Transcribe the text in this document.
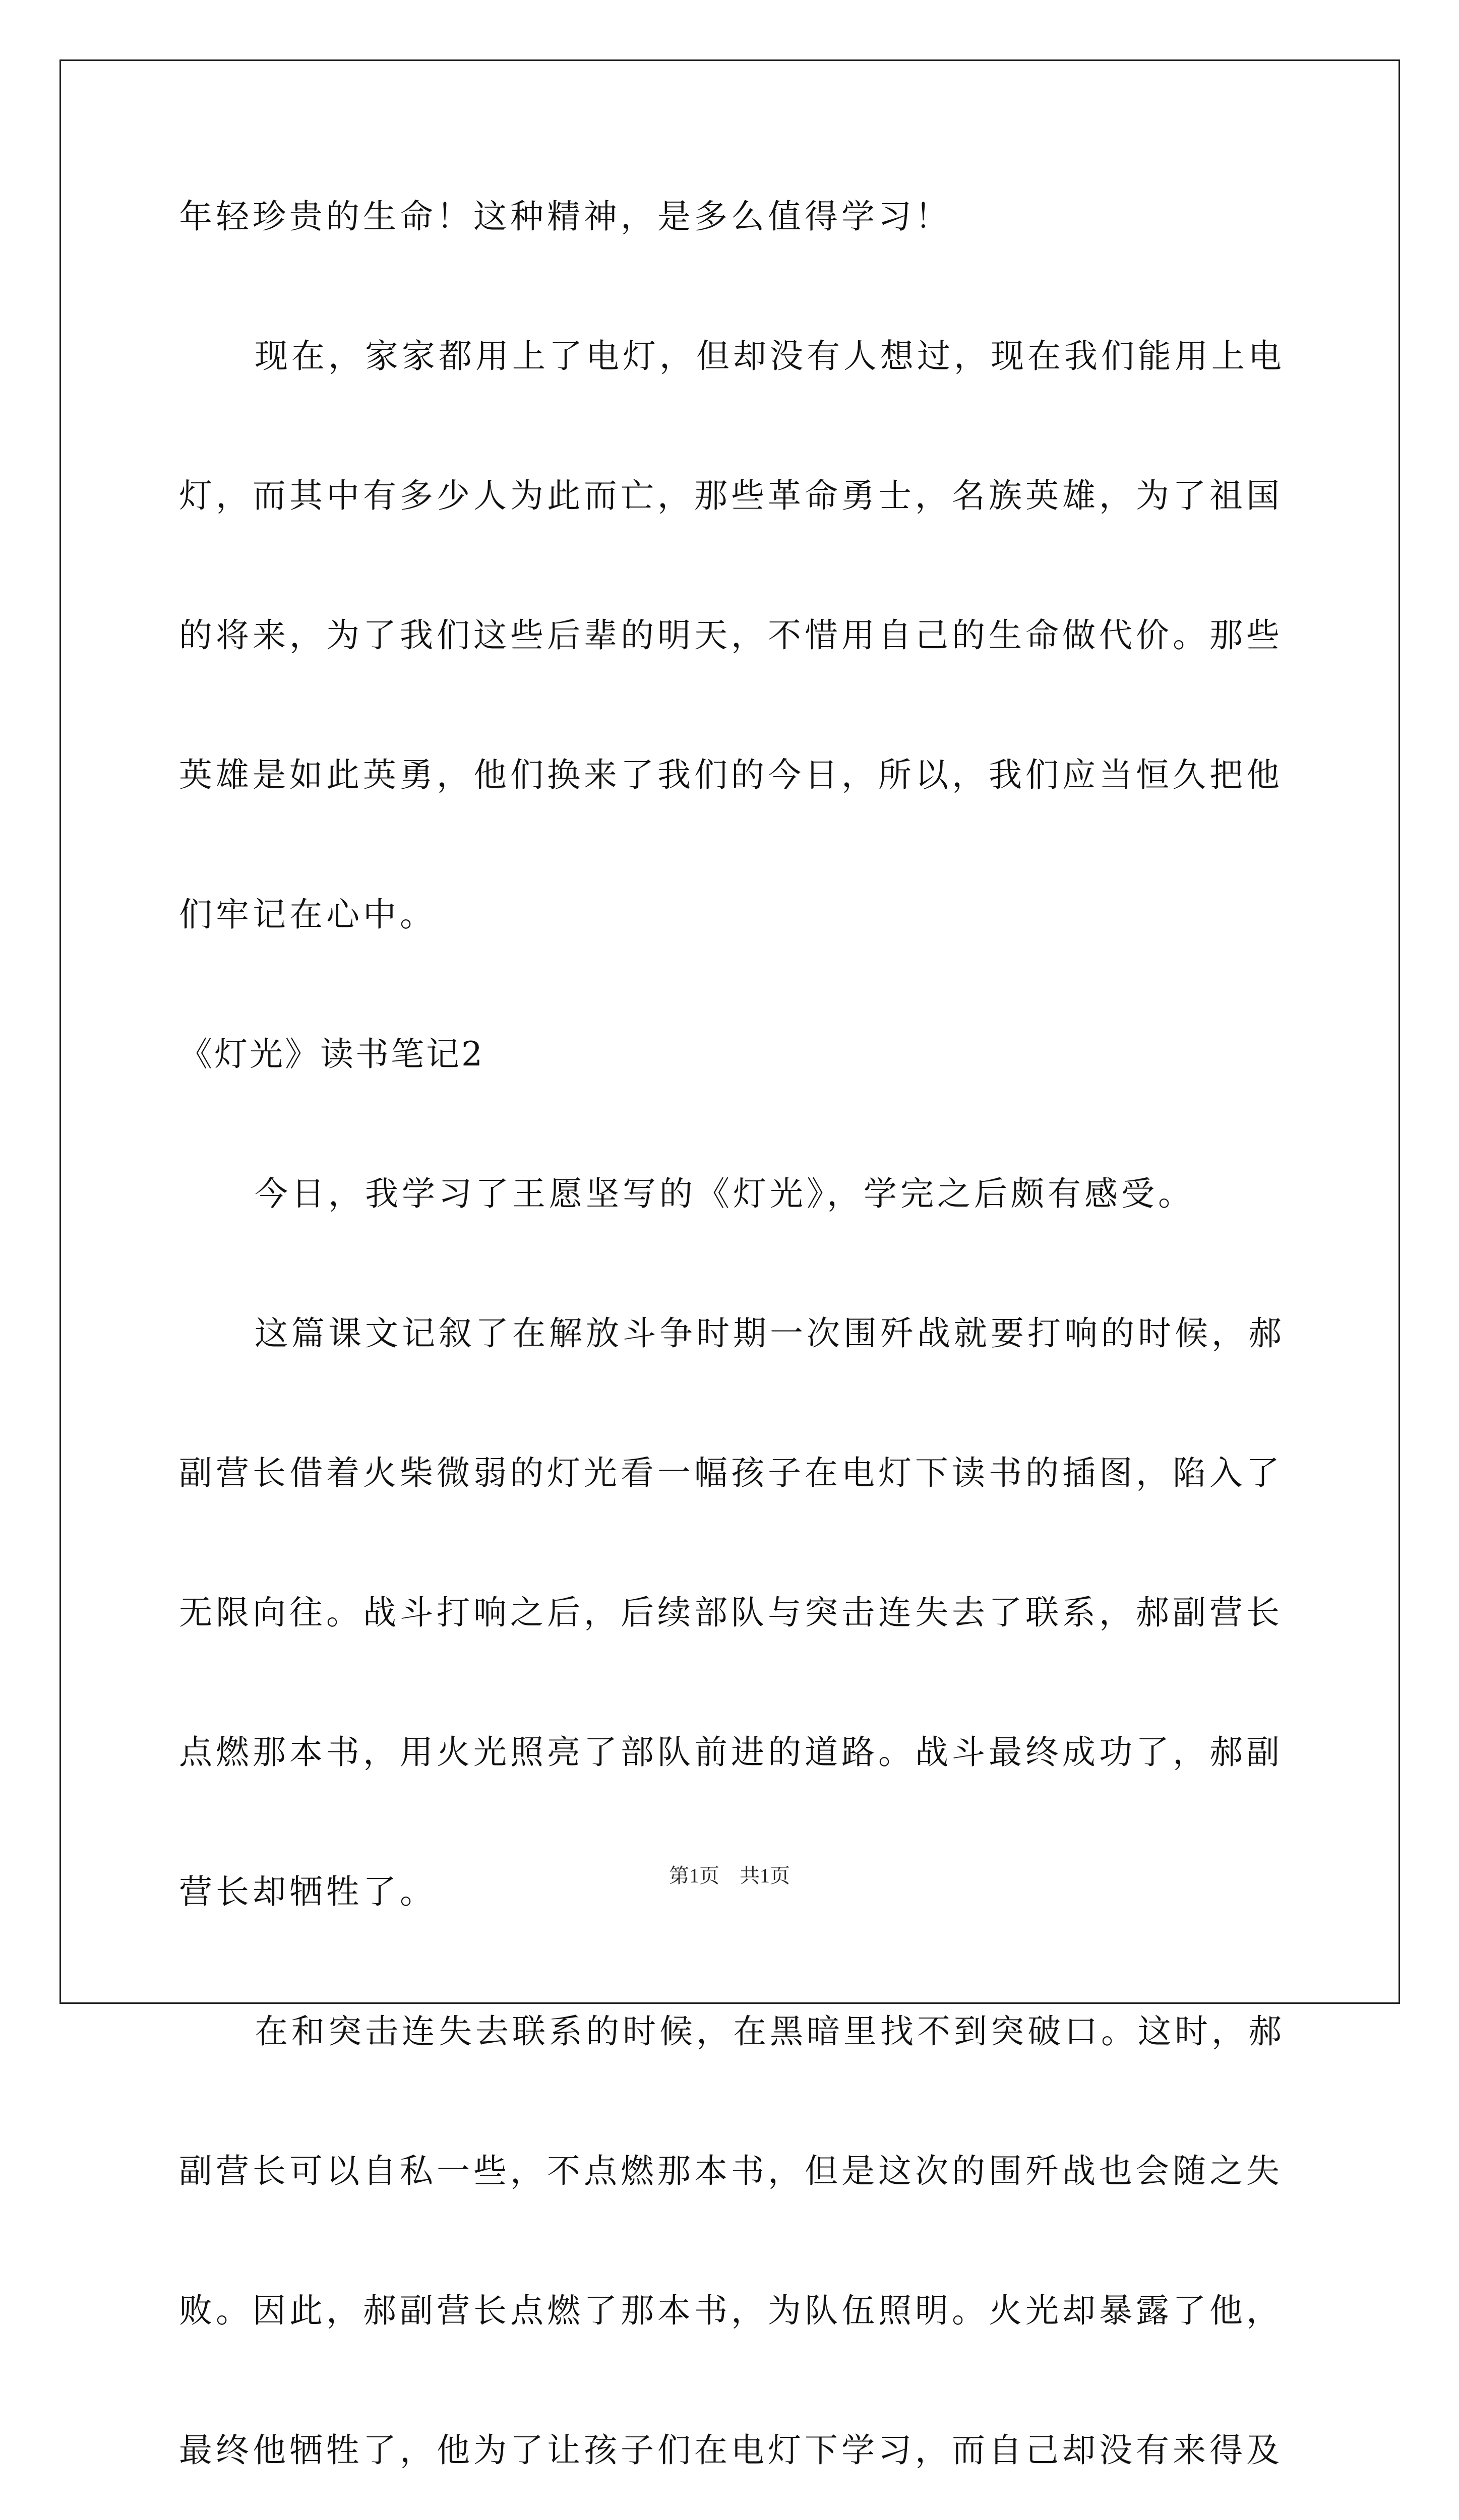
年轻珍贵的生命！这种精神，是多么值得学习！
现在，家家都用上了电灯，但却没有人想过，现在我们能用上电
灯，而其中有多少人为此而亡，那些革命勇士，名族英雄，为了祖国
的将来，为了我们这些后辈的明天，不惜用自己的生命做代价。那些
英雄是如此英勇，他们换来了我们的今日，所以，我们应当恒久把他
们牢记在心中。
《灯光》读书笔记2
今日，我学习了王愿坚写的《灯光》，学完之后颇有感受。
这篇课文记叙了在解放斗争时期一次围歼战就要打响的时候，郝
副营长借着火柴微弱的灯光看一幅孩子在电灯下读书的插图，陷入了
无限向往。战斗打响之后，后续部队与突击连失去了联系，郝副营长
点燃那本书，用火光照亮了部队前进的道路。战斗最终成功了，郝副
营长却牺牲了。
在和突击连失去联系的时候，在黑暗里找不到突破口。这时，郝
副营长可以自私一些，不点燃那本书，但是这次的围歼战也会随之失
败。因此，郝副营长点燃了那本书，为队伍照明。火光却暴露了他，
最终他牺牲了，他为了让孩子们在电灯下学习，而自己却没有来得及
第1页　共1页
